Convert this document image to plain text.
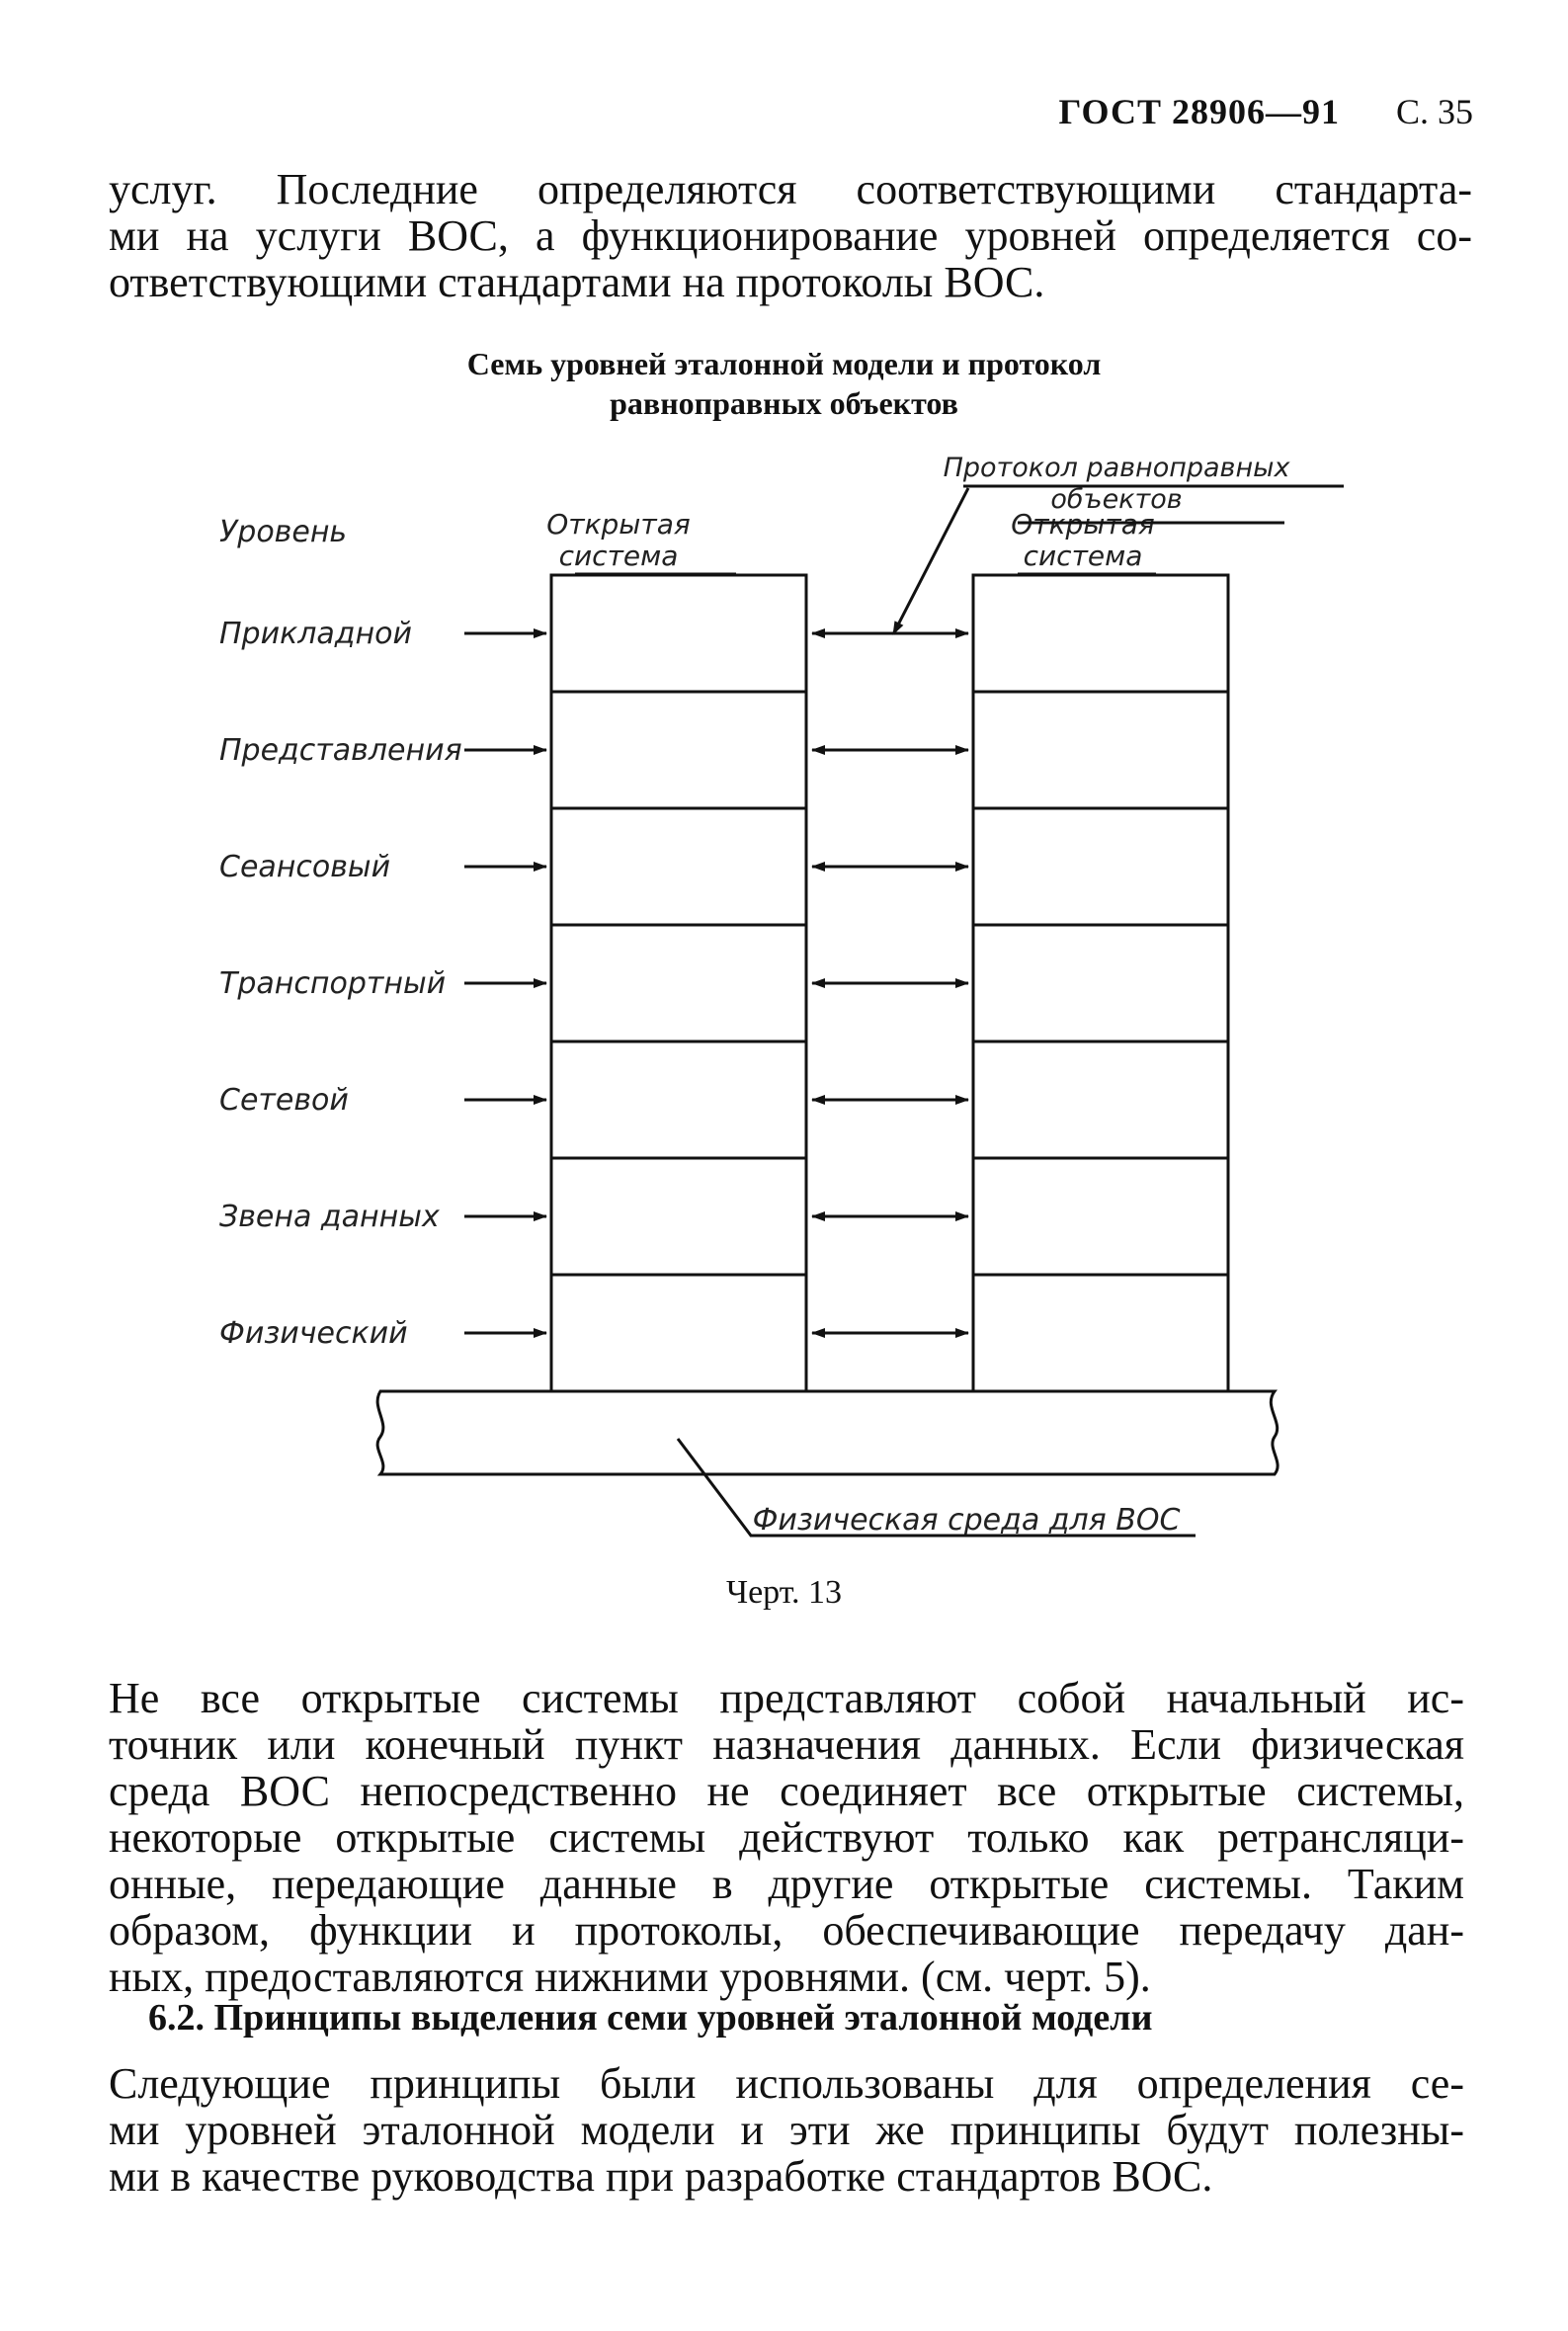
ГОСТ 28906—91 С. 35
услуг. Последние определяются соответствующими стандарта-
ми на услуги ВОС, а функционирование уровней определяется со-
ответствующими стандартами на протоколы ВОС.
Семь уровней эталонной модели и протокол
равноправных объектов
Уровень	Открытая
система
Открытая
система
Протокол равноправных
объектов
Физическая среда для ВОС
Прикладной
Представления
Сеансовый
Транспортный
Сетевой
Звена данных
Физический
Черт. 13
Не все открытые системы представляют собой начальный ис-
точник или конечный пункт назначения данных. Если физическая
среда ВОС непосредственно не соединяет все открытые системы,
некоторые открытые системы действуют только как ретрансляци-
онные, передающие данные в другие открытые системы. Таким
образом, функции и протоколы, обеспечивающие передачу дан-
ных, предоставляются нижними уровнями. (см. черт. 5).
6.2. Принципы выделения семи уровней эталонной модели
Следующие принципы были использованы для определения се-
ми уровней эталонной модели и эти же принципы будут полезны-
ми в качестве руководства при разработке стандартов ВОС.
